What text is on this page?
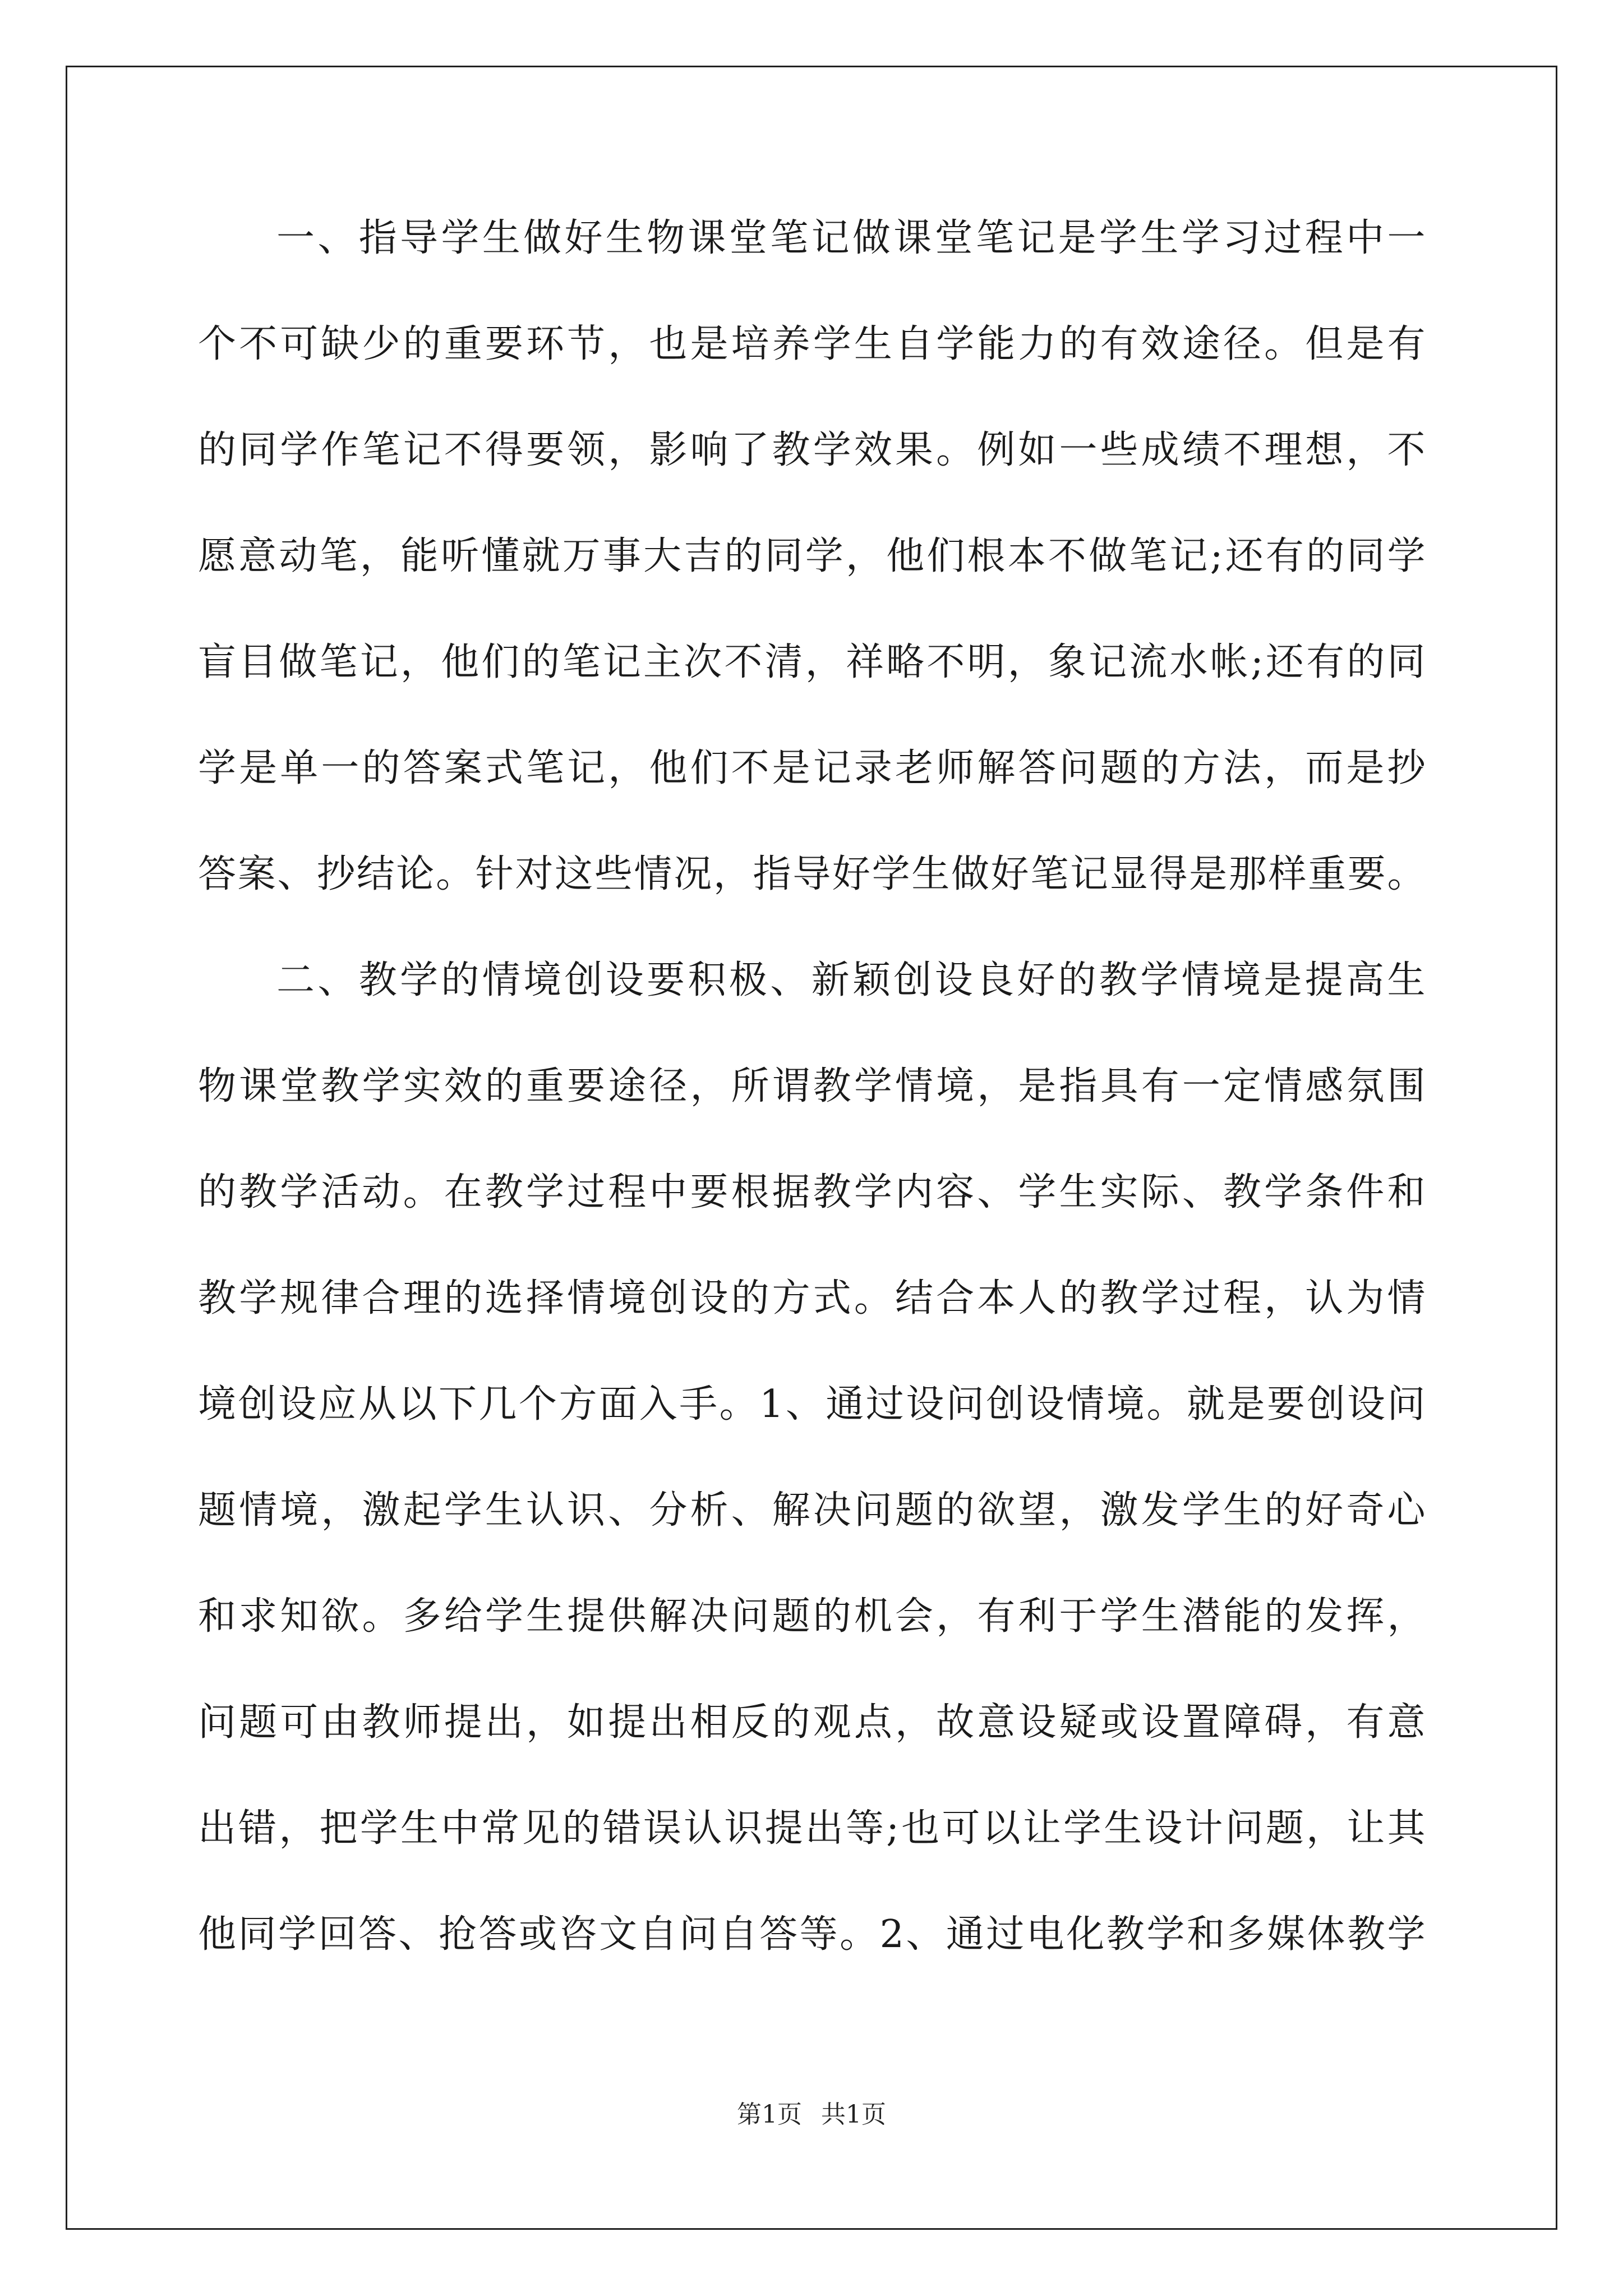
一、指导学生做好生物课堂笔记做课堂笔记是学生学习过程中一
个不可缺少的重要环节，也是培养学生自学能力的有效途径。但是有
的同学作笔记不得要领，影响了教学效果。例如一些成绩不理想，不
愿意动笔，能听懂就万事大吉的同学，他们根本不做笔记;还有的同学
盲目做笔记，他们的笔记主次不清，祥略不明，象记流水帐;还有的同
学是单一的答案式笔记，他们不是记录老师解答问题的方法，而是抄
答案、抄结论。针对这些情况，指导好学生做好笔记显得是那样重要。
二、教学的情境创设要积极、新颖创设良好的教学情境是提高生
物课堂教学实效的重要途径，所谓教学情境，是指具有一定情感氛围
的教学活动。在教学过程中要根据教学内容、学生实际、教学条件和
教学规律合理的选择情境创设的方式。结合本人的教学过程，认为情
境创设应从以下几个方面入手。1、通过设问创设情境。就是要创设问
题情境，激起学生认识、分析、解决问题的欲望，激发学生的好奇心
和求知欲。多给学生提供解决问题的机会，有利于学生潜能的发挥，
问题可由教师提出，如提出相反的观点，故意设疑或设置障碍，有意
出错，把学生中常见的错误认识提出等;也可以让学生设计问题，让其
他同学回答、抢答或咨文自问自答等。2、通过电化教学和多媒体教学
第1页 共1页
